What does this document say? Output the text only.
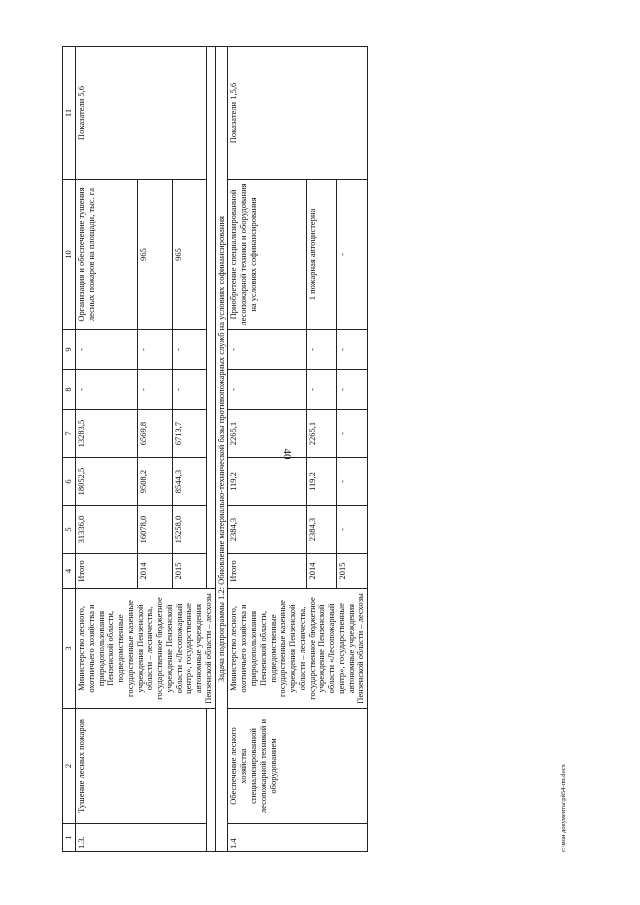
40
с:\мои документы\рй54-пп.docx
1	2	3	4	5	6	7	8	9	10	11
1.3.	Тушение лесных пожаров	Министерство лесного, охотничьего хозяйства и природопользования Пензенской области, подведомственные государственные казенные учреждения Пензенской области – лесничества, государственное бюджетное учреждение Пензенской области «Лесопожарный центр», государственные автономные учреждения Пензенской области – лесхозы	Итого	31336,0	18052,5	13283,5	-	-	Организация и обеспечение тушения лесных пожаров на площади, тыс. га	Показатели 5,6
			2014	16078,0	9508,2	6569,8	-	-	965	
			2015	15258,0	8544,3	6713,7	-	-	965	

Задача подпрограммы 1.2: Обновление материально-технической базы противопожарных служб на условиях софинансирования										
1.4	Обеспечение лесного хозяйства специализированной лесопожарной техникой и оборудованием	Министерство лесного, охотничьего хозяйства и природопользования Пензенской области, подведомственные государственные казенные учреждения Пензенской области – лесничества, государственное бюджетное учреждение Пензенской области «Лесопожарный центр», государственные автономные учреждения Пензенской области – лесхозы	Итого	2384,3	119,2	2265,1	-	-	Приобретение специализированной лесопожарной техники и оборудования на условиях софинансирования	Показатели 1,5,6
			2014	2384,3	119,2	2265,1	-	-	1 пожарная автоцистерна	
			2015	-	-	-	-	-	-	
